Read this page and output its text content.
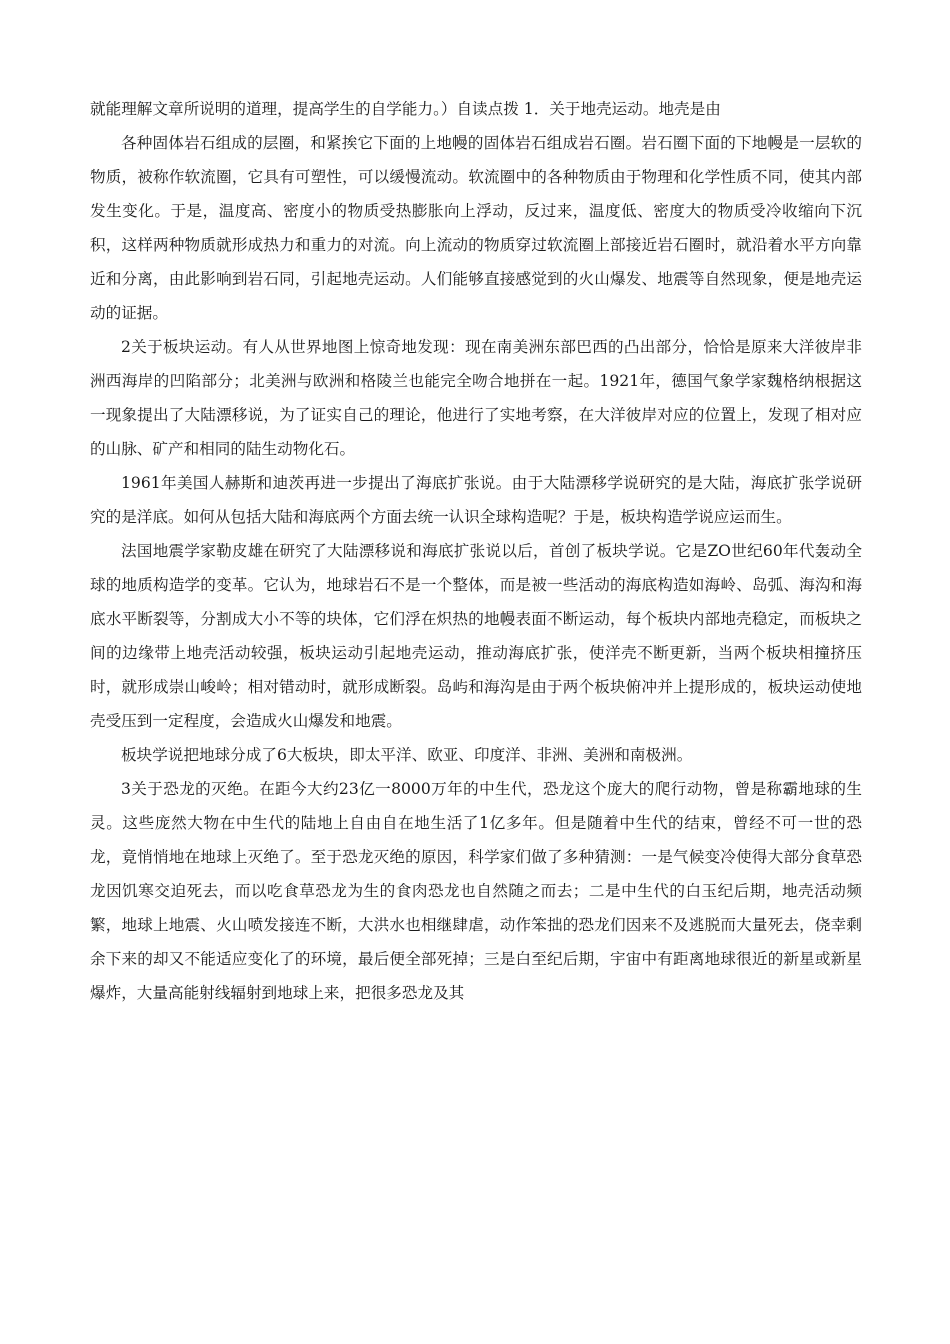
就能理解文章所说明的道理，提高学生的自学能力。）自读点拨 1．关于地壳运动。地壳是由

各种固体岩石组成的层圈，和紧挨它下面的上地幔的固体岩石组成岩石圈。岩石圈下面的下地幔是一层软的物质，被称作软流圈，它具有可塑性，可以缓慢流动。软流圈中的各种物质由于物理和化学性质不同，使其内部发生变化。于是，温度高、密度小的物质受热膨胀向上浮动，反过来，温度低、密度大的物质受冷收缩向下沉积，这样两种物质就形成热力和重力的对流。向上流动的物质穿过软流圈上部接近岩石圈时，就沿着水平方向靠近和分离，由此影响到岩石同，引起地壳运动。人们能够直接感觉到的火山爆发、地震等自然现象，便是地壳运动的证据。

2关于板块运动。有人从世界地图上惊奇地发现：现在南美洲东部巴西的凸出部分，恰恰是原来大洋彼岸非洲西海岸的凹陷部分；北美洲与欧洲和格陵兰也能完全吻合地拼在一起。1921年，德国气象学家魏格纳根据这一现象提出了大陆漂移说，为了证实自己的理论，他进行了实地考察，在大洋彼岸对应的位置上，发现了相对应的山脉、矿产和相同的陆生动物化石。

1961年美国人赫斯和迪茨再进一步提出了海底扩张说。由于大陆漂移学说研究的是大陆，海底扩张学说研究的是洋底。如何从包括大陆和海底两个方面去统一认识全球构造呢？于是，板块构造学说应运而生。

法国地震学家勒皮雄在研究了大陆漂移说和海底扩张说以后，首创了板块学说。它是ZO世纪60年代轰动全球的地质构造学的变革。它认为，地球岩石不是一个整体，而是被一些活动的海底构造如海岭、岛弧、海沟和海底水平断裂等，分割成大小不等的块体，它们浮在炽热的地幔表面不断运动，每个板块内部地壳稳定，而板块之间的边缘带上地壳活动较强，板块运动引起地壳运动，推动海底扩张，使洋壳不断更新，当两个板块相撞挤压时，就形成崇山峻岭；相对错动时，就形成断裂。岛屿和海沟是由于两个板块俯冲并上提形成的，板块运动使地壳受压到一定程度，会造成火山爆发和地震。

板块学说把地球分成了6大板块，即太平洋、欧亚、印度洋、非洲、美洲和南极洲。

3关于恐龙的灭绝。在距今大约23亿一8000万年的中生代，恐龙这个庞大的爬行动物，曾是称霸地球的生灵。这些庞然大物在中生代的陆地上自由自在地生活了1亿多年。但是随着中生代的结束，曾经不可一世的恐龙，竟悄悄地在地球上灭绝了。至于恐龙灭绝的原因，科学家们做了多种猜测：一是气候变冷使得大部分食草恐龙因饥寒交迫死去，而以吃食草恐龙为生的食肉恐龙也自然随之而去；二是中生代的白玉纪后期，地壳活动频繁，地球上地震、火山喷发接连不断，大洪水也相继肆虐，动作笨拙的恐龙们因来不及逃脱而大量死去，侥幸剩余下来的却又不能适应变化了的环境，最后便全部死掉；三是白至纪后期，宇宙中有距离地球很近的新星或新星爆炸，大量高能射线辐射到地球上来，把很多恐龙及其
